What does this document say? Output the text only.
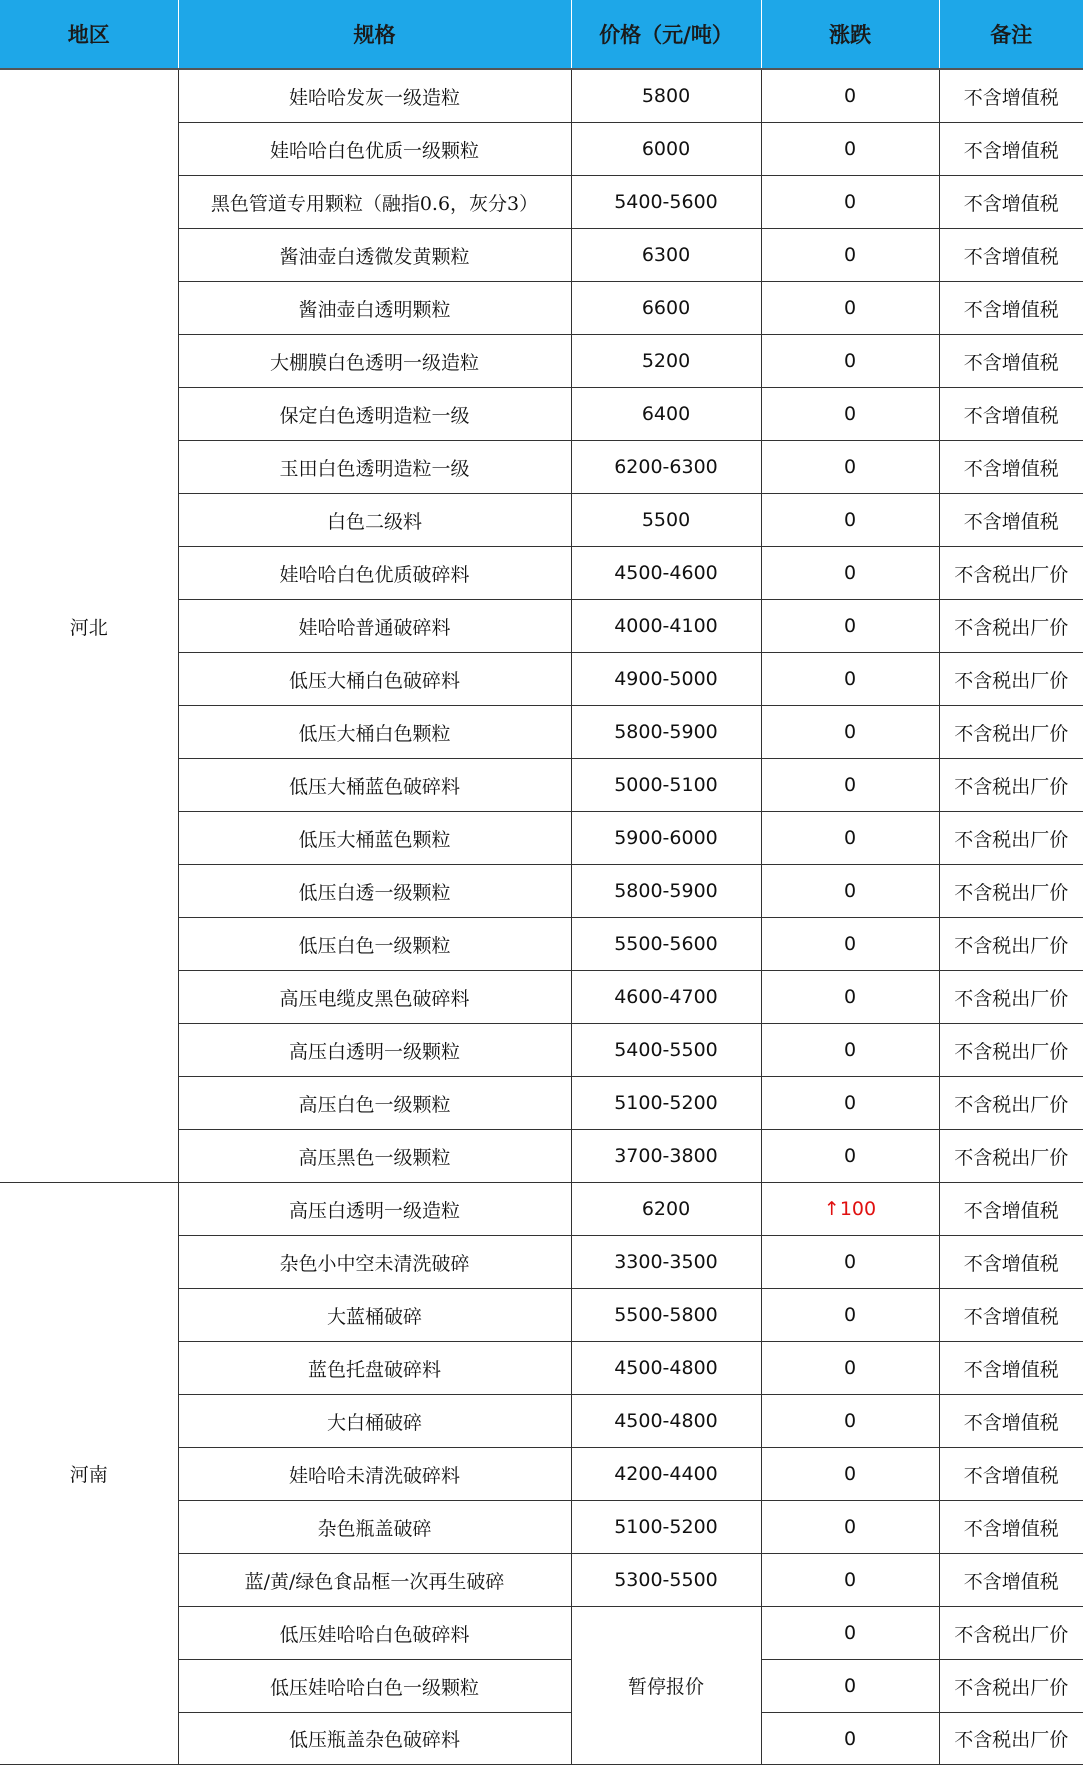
地区	规格	价格（元/吨）	涨跌	备注
河北	娃哈哈发灰一级造粒	5800	0	不含增值税
	娃哈哈白色优质一级颗粒	6000	0	不含增值税
	黑色管道专用颗粒（融指0.6，灰分3）	5400-5600	0	不含增值税
	酱油壶白透微发黄颗粒	6300	0	不含增值税
	酱油壶白透明颗粒	6600	0	不含增值税
	大棚膜白色透明一级造粒	5200	0	不含增值税
	保定白色透明造粒一级	6400	0	不含增值税
	玉田白色透明造粒一级	6200-6300	0	不含增值税
	白色二级料	5500	0	不含增值税
	娃哈哈白色优质破碎料	4500-4600	0	不含税出厂价
	娃哈哈普通破碎料	4000-4100	0	不含税出厂价
	低压大桶白色破碎料	4900-5000	0	不含税出厂价
	低压大桶白色颗粒	5800-5900	0	不含税出厂价
	低压大桶蓝色破碎料	5000-5100	0	不含税出厂价
	低压大桶蓝色颗粒	5900-6000	0	不含税出厂价
	低压白透一级颗粒	5800-5900	0	不含税出厂价
	低压白色一级颗粒	5500-5600	0	不含税出厂价
	高压电缆皮黑色破碎料	4600-4700	0	不含税出厂价
	高压白透明一级颗粒	5400-5500	0	不含税出厂价
	高压白色一级颗粒	5100-5200	0	不含税出厂价
	高压黑色一级颗粒	3700-3800	0	不含税出厂价
河南	高压白透明一级造粒	6200	↑100	不含增值税
	杂色小中空未清洗破碎	3300-3500	0	不含增值税
	大蓝桶破碎	5500-5800	0	不含增值税
	蓝色托盘破碎料	4500-4800	0	不含增值税
	大白桶破碎	4500-4800	0	不含增值税
	娃哈哈未清洗破碎料	4200-4400	0	不含增值税
	杂色瓶盖破碎	5100-5200	0	不含增值税
	蓝/黄/绿色食品框一次再生破碎	5300-5500	0	不含增值税
	低压娃哈哈白色破碎料	暂停报价	0	不含税出厂价
	低压娃哈哈白色一级颗粒		0	不含税出厂价
	低压瓶盖杂色破碎料		0	不含税出厂价
